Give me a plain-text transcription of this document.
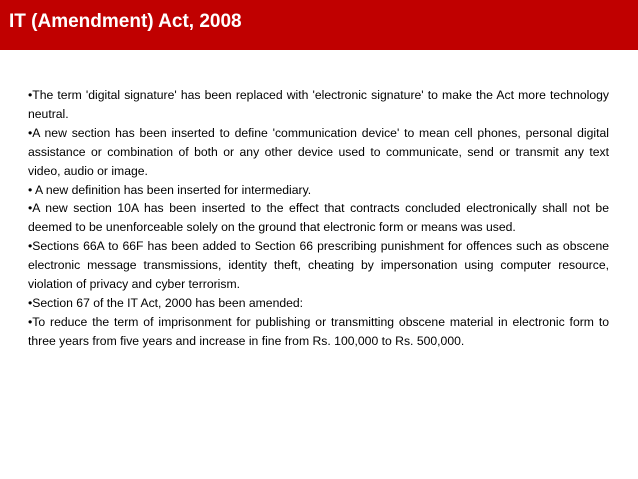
IT (Amendment) Act, 2008
•The term 'digital signature' has been replaced with 'electronic signature' to make the Act more technology neutral.
•A new section has been inserted to define 'communication device' to mean cell phones, personal digital assistance or combination of both or any other device used to communicate, send or transmit any text video, audio or image.
• A new definition has been inserted for intermediary.
•A new section 10A has been inserted to the effect that contracts concluded electronically shall not be deemed to be unenforceable solely on the ground that electronic form or means was used.
•Sections 66A to 66F has been added to Section 66 prescribing punishment for offences such as obscene electronic message transmissions, identity theft, cheating by impersonation using computer resource, violation of privacy and cyber terrorism.
•Section 67 of the IT Act, 2000 has been amended:
•To reduce the term of imprisonment for publishing or transmitting obscene material in electronic form to three years from five years and increase in fine from Rs. 100,000 to Rs. 500,000.
